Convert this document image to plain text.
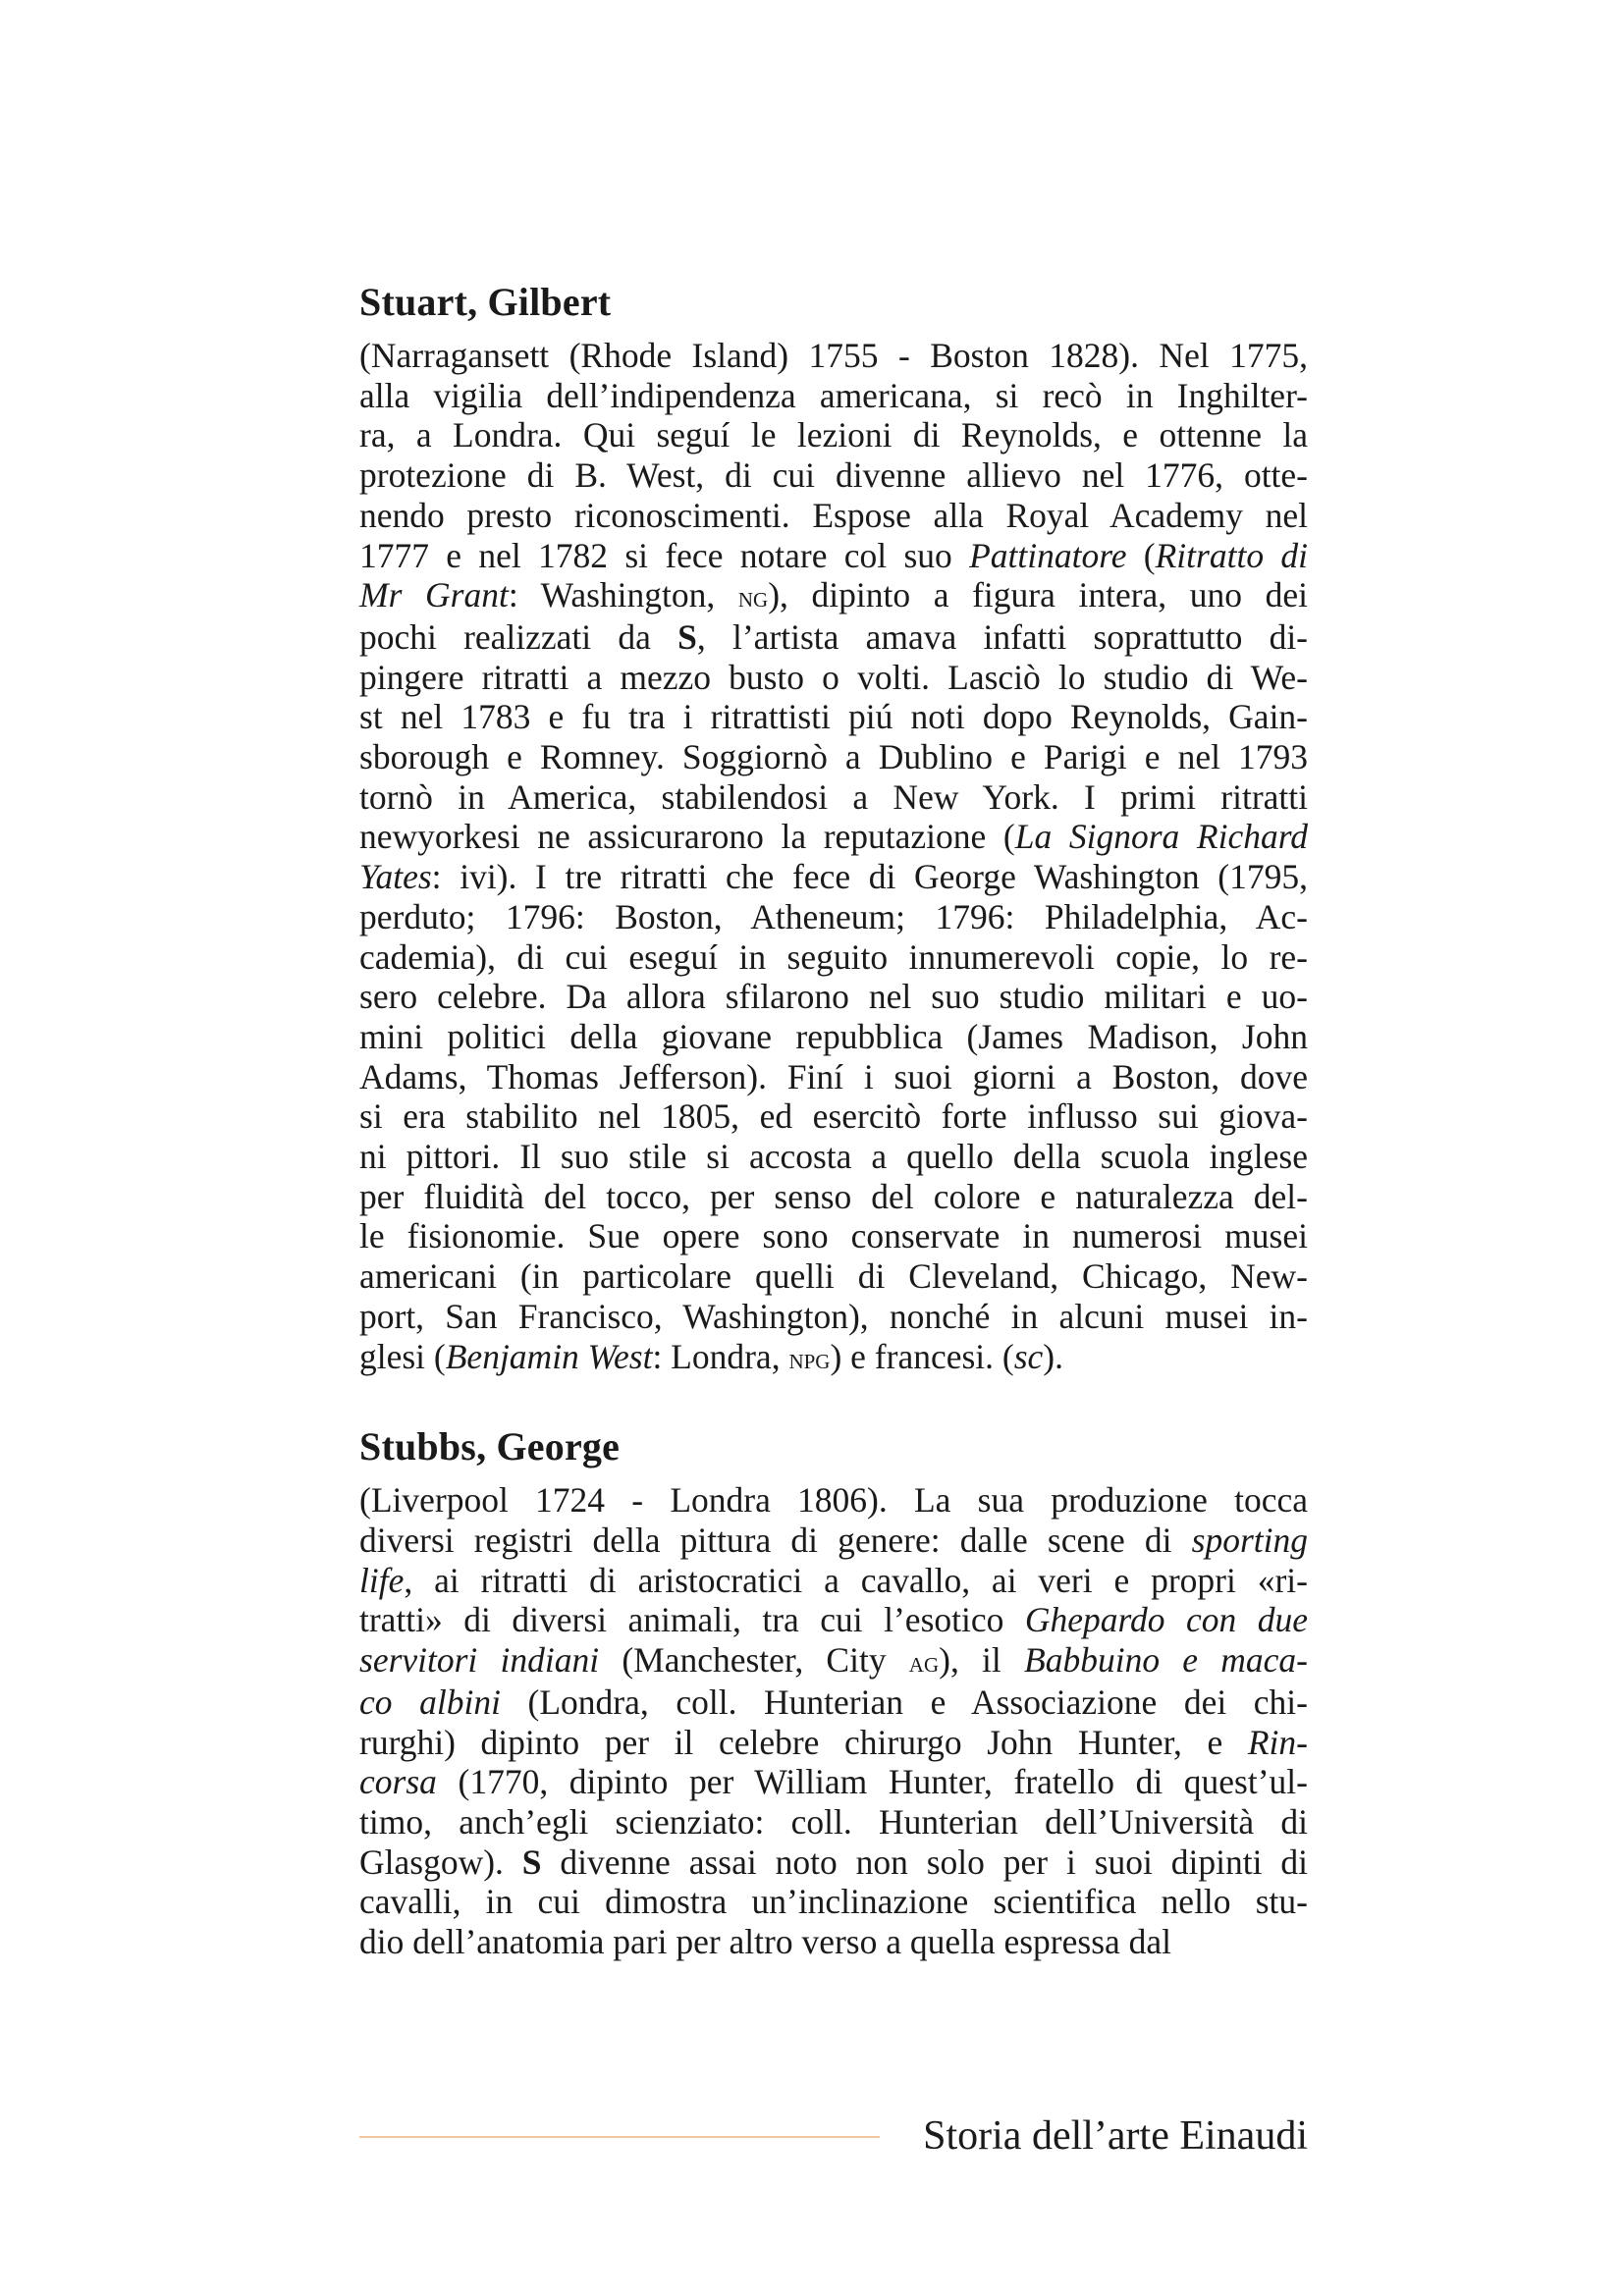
Stuart, Gilbert
(Narragansett (Rhode Island) 1755 - Boston 1828). Nel 1775,
alla vigilia dell’indipendenza americana, si recò in Inghilter-
ra, a Londra. Qui seguí le lezioni di Reynolds, e ottenne la
protezione di B. West, di cui divenne allievo nel 1776, otte-
nendo presto riconoscimenti. Espose alla Royal Academy nel
1777 e nel 1782 si fece notare col suo Pattinatore (Ritratto di
Mr Grant: Washington, ng), dipinto a figura intera, uno dei
pochi realizzati da S, l’artista amava infatti soprattutto di-
pingere ritratti a mezzo busto o volti. Lasciò lo studio di We-
st nel 1783 e fu tra i ritrattisti piú noti dopo Reynolds, Gain-
sborough e Romney. Soggiornò a Dublino e Parigi e nel 1793
tornò in America, stabilendosi a New York. I primi ritratti
newyorkesi ne assicurarono la reputazione (La Signora Richard
Yates: ivi). I tre ritratti che fece di George Washington (1795,
perduto; 1796: Boston, Atheneum; 1796: Philadelphia, Ac-
cademia), di cui eseguí in seguito innumerevoli copie, lo re-
sero celebre. Da allora sfilarono nel suo studio militari e uo-
mini politici della giovane repubblica (James Madison, John
Adams, Thomas Jefferson). Finí i suoi giorni a Boston, dove
si era stabilito nel 1805, ed esercitò forte influsso sui giova-
ni pittori. Il suo stile si accosta a quello della scuola inglese
per fluidità del tocco, per senso del colore e naturalezza del-
le fisionomie. Sue opere sono conservate in numerosi musei
americani (in particolare quelli di Cleveland, Chicago, New-
port, San Francisco, Washington), nonché in alcuni musei in-
glesi (Benjamin West: Londra, npg) e francesi. (sc).
Stubbs, George
(Liverpool 1724 - Londra 1806). La sua produzione tocca
diversi registri della pittura di genere: dalle scene di sporting
life, ai ritratti di aristocratici a cavallo, ai veri e propri «ri-
tratti» di diversi animali, tra cui l’esotico Ghepardo con due
servitori indiani (Manchester, City ag), il Babbuino e maca-
co albini (Londra, coll. Hunterian e Associazione dei chi-
rurghi) dipinto per il celebre chirurgo John Hunter, e Rin-
corsa (1770, dipinto per William Hunter, fratello di quest’ul-
timo, anch’egli scienziato: coll. Hunterian dell’Università di
Glasgow). S divenne assai noto non solo per i suoi dipinti di
cavalli, in cui dimostra un’inclinazione scientifica nello stu-
dio dell’anatomia pari per altro verso a quella espressa dal
Storia dell’arte Einaudi
